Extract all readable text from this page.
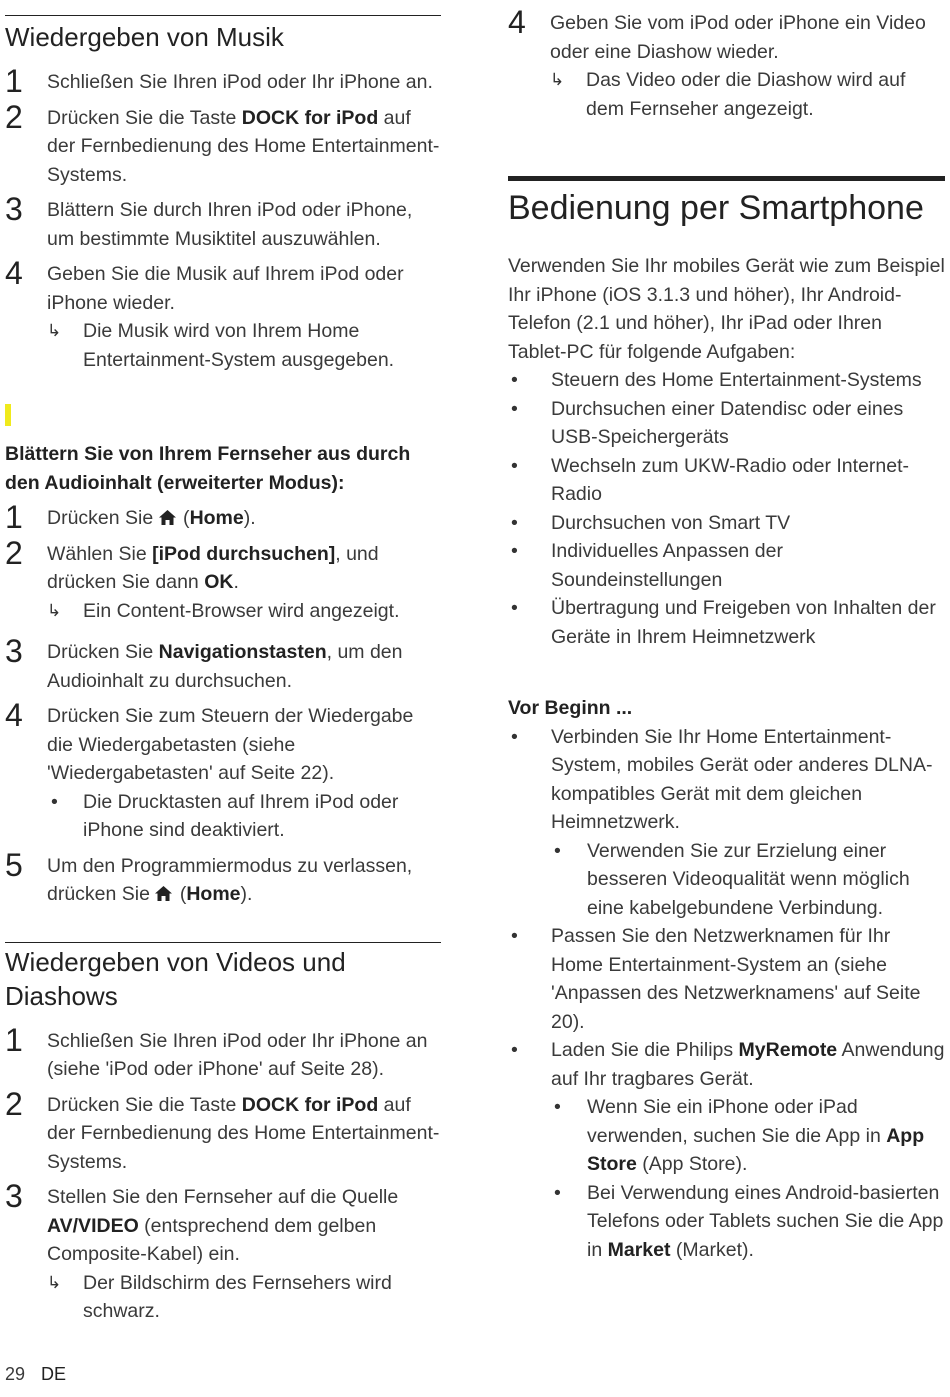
Wiedergeben von Musik
1 Schließen Sie Ihren iPod oder Ihr iPhone an.
2 Drücken Sie die Taste DOCK for iPod auf der Fernbedienung des Home Entertainment-Systems.
3 Blättern Sie durch Ihren iPod oder iPhone, um bestimmte Musiktitel auszuwählen.
4 Geben Sie die Musik auf Ihrem iPod oder iPhone wieder.
↳ Die Musik wird von Ihrem Home Entertainment-System ausgegeben.
Blättern Sie von Ihrem Fernseher aus durch den Audioinhalt (erweiterter Modus):
1 Drücken Sie  (Home).
2 Wählen Sie [iPod durchsuchen], und drücken Sie dann OK.
↳ Ein Content-Browser wird angezeigt.
3 Drücken Sie Navigationstasten, um den Audioinhalt zu durchsuchen.
4 Drücken Sie zum Steuern der Wiedergabe die Wiedergabetasten (siehe 'Wiedergabetasten' auf Seite 22).
• Die Drucktasten auf Ihrem iPod oder iPhone sind deaktiviert.
5 Um den Programmiermodus zu verlassen, drücken Sie  (Home).
Wiedergeben von Videos und Diashows
1 Schließen Sie Ihren iPod oder Ihr iPhone an (siehe 'iPod oder iPhone' auf Seite 28).
2 Drücken Sie die Taste DOCK for iPod auf der Fernbedienung des Home Entertainment-Systems.
3 Stellen Sie den Fernseher auf die Quelle AV/VIDEO (entsprechend dem gelben Composite-Kabel) ein.
↳ Der Bildschirm des Fernsehers wird schwarz.
4 Geben Sie vom iPod oder iPhone ein Video oder eine Diashow wieder.
↳ Das Video oder die Diashow wird auf dem Fernseher angezeigt.
Bedienung per Smartphone
Verwenden Sie Ihr mobiles Gerät wie zum Beispiel Ihr iPhone (iOS 3.1.3 und höher), Ihr Android-Telefon (2.1 und höher), Ihr iPad oder Ihren Tablet-PC für folgende Aufgaben:
• Steuern des Home Entertainment-Systems
• Durchsuchen einer Datendisc oder eines USB-Speichergeräts
• Wechseln zum UKW-Radio oder Internet-Radio
• Durchsuchen von Smart TV
• Individuelles Anpassen der Soundeinstellungen
• Übertragung und Freigeben von Inhalten der Geräte in Ihrem Heimnetzwerk
Vor Beginn ...
• Verbinden Sie Ihr Home Entertainment-System, mobiles Gerät oder anderes DLNA-kompatibles Gerät mit dem gleichen Heimnetzwerk.
• Verwenden Sie zur Erzielung einer besseren Videoqualität wenn möglich eine kabelgebundene Verbindung.
• Passen Sie den Netzwerknamen für Ihr Home Entertainment-System an (siehe 'Anpassen des Netzwerknamens' auf Seite 20).
• Laden Sie die Philips MyRemote Anwendung auf Ihr tragbares Gerät.
• Wenn Sie ein iPhone oder iPad verwenden, suchen Sie die App in App Store (App Store).
• Bei Verwendung eines Android-basierten Telefons oder Tablets suchen Sie die App in Market (Market).
29 DE
